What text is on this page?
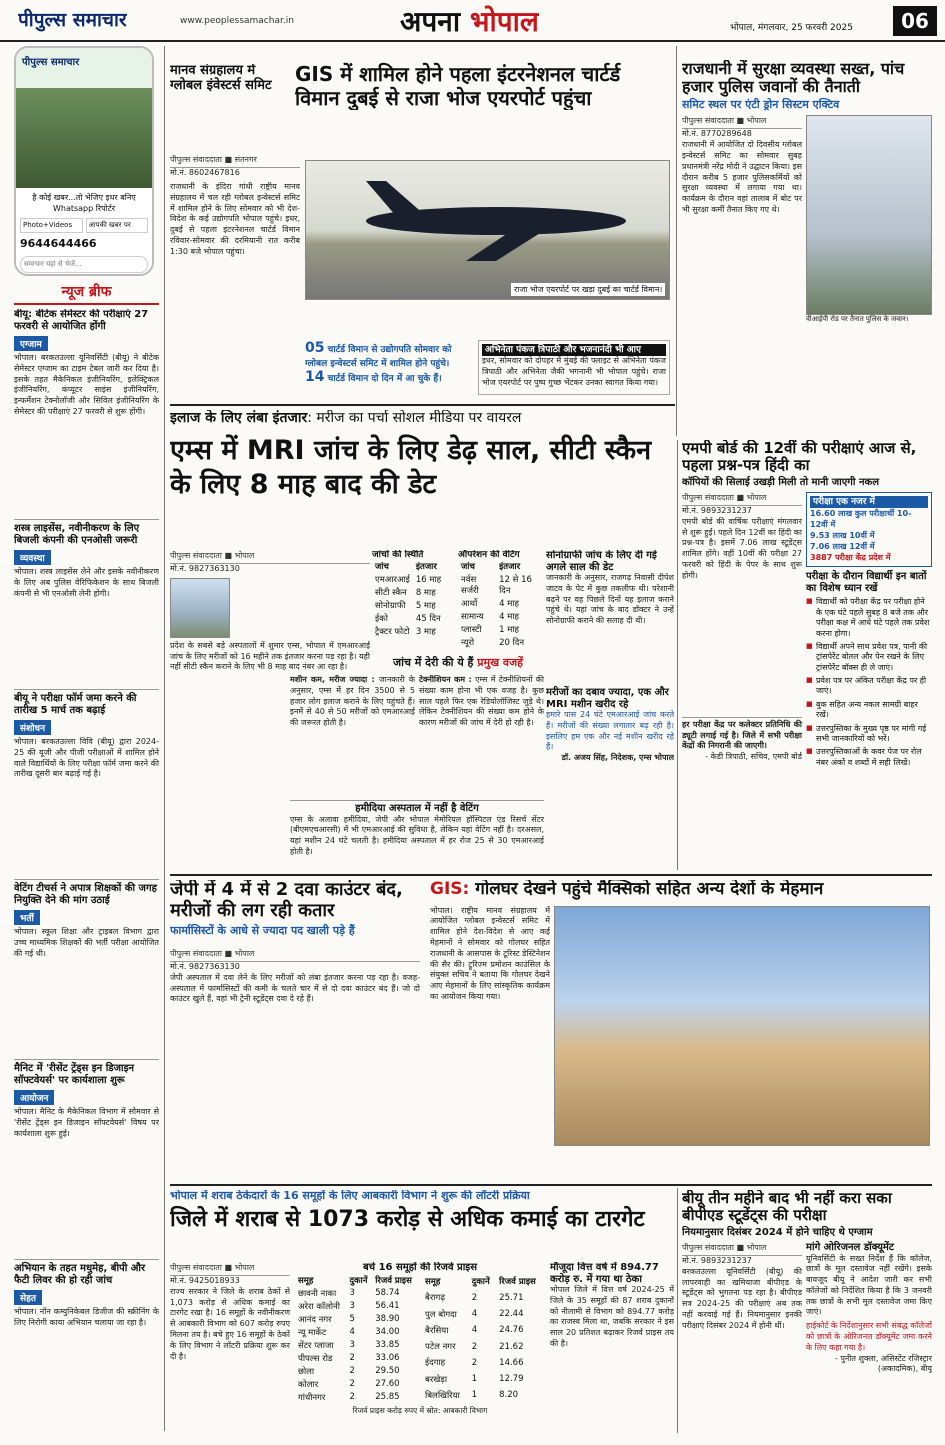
पीपुल्स समाचार	www.peoplessamachar.in	अपना भोपाल	भोपाल, मंगलवार, 25 फरवरी 2025	06
पीपुल्स समाचार
है कोई खबर...तो भेजिए इधर बनिए Whatsapp रिपोर्टर
Photo+Videos	आपकी खबर पर
9644644466
समाचार यहां से भेजें...
न्यूज ब्रीफ
बीयू: बीटेक सेमेस्टर की परीक्षाएं 27 फरवरी से आयोजित होंगी
एग्जाम
भोपाल। बरकतउल्ला यूनिवर्सिटी (बीयू) ने बीटेक सेमेस्टर एग्जाम का टाइम टेबल जारी कर दिया है। इसके तहत मैकेनिकल इंजीनियरिंग, इलेक्ट्रिकल इंजीनियरिंग, कंप्यूटर साइंस इंजीनियरिंग, इन्फर्मेशन टेक्नोलॉजी और सिविल इंजीनियरिंग के सेमेस्टर की परीक्षाएं 27 फरवरी से शुरू होंगी।
शस्त्र लाइसेंस, नवीनीकरण के लिए बिजली कंपनी की एनओसी जरूरी
व्यवस्था
भोपाल। शस्त्र लाइसेंस लेने और इसके नवीनीकरण के लिए अब पुलिस वेरिफिकेशन के साथ बिजली कंपनी से भी एनओसी लेनी होगी।
बीयू ने परीक्षा फॉर्म जमा करने की तारीख 5 मार्च तक बढ़ाई
संशोधन
भोपाल। बरकतउल्ला विवि (बीयू) द्वारा 2024-25 की यूजी और पीजी परीक्षाओं में शामिल होने वाले विद्यार्थियों के लिए परीक्षा फॉर्म जमा करने की तारीख दूसरी बार बढ़ाई गई है।
वेटिंग टीचर्स ने अपात्र शिक्षकों की जगह नियुक्ति देने की मांग उठाई
भर्ती
भोपाल। स्कूल शिक्षा और ट्राइबल विभाग द्वारा उच्च माध्यमिक शिक्षकों की भर्ती परीक्षा आयोजित की गई थी।
मैनिट में 'रीसेंट ट्रेंड्स इन डिजाइन सॉफ्टवेयर्स' पर कार्यशाला शुरू
आयोजन
भोपाल। मैनिट के मैकेनिकल विभाग में सोमवार से 'रीसेंट ट्रेंड्स इन डिजाइन सॉफ्टवेयर्स' विषय पर कार्यशाला शुरू हुई।
अभियान के तहत मधुमेह, बीपी और फैटी लिवर की हो रही जांच
सेहत
भोपाल। नॉन कम्युनिकेबल डिजीज की स्क्रीनिंग के लिए निरोगी काया अभियान चलाया जा रहा है।
मानव संग्रहालय में ग्लोबल इंवेस्टर्स समिट	GIS में शामिल होने पहला इंटरनेशनल चार्टर्ड विमान दुबई से राजा भोज एयरपोर्ट पहुंचा
पीपुल्स संवाददाता ■ संतनगर
मो.नं. 8602467816
राजधानी के इंदिरा गांधी राष्ट्रीय मानव संग्रहालय में चल रही ग्लोबल इन्वेस्टर्स समिट में शामिल होने के लिए सोमवार को भी देश-विदेश के कई उद्योगपति भोपाल पहुंचे। इधर, दुबई से पहला इंटरनेशनल चार्टर्ड विमान रविवार-सोमवार की दरमियानी रात करीब 1:30 बजे भोपाल पहुंचा।
राजा भोज एयरपोर्ट पर खड़ा दुबई का चार्टर्ड विमान।
05 चार्टर्ड विमान से उद्योगपति सोमवार को ग्लोबल इन्वेस्टर्स समिट में शामिल होने पहुंचे।
14 चार्टर्ड विमान दो दिन में आ चुके हैं।
अभिनेता पंकज त्रिपाठी और भजनानंदी भी आए
इधर, सोमवार को दोपहर में मुंबई की फ्लाइट से अभिनेता पंकज त्रिपाठी और अभिनेता जैकी भगनानी भी भोपाल पहुंचे। राजा भोज एयरपोर्ट पर पुष्प गुच्छ भेंटकर उनका स्वागत किया गया।
राजधानी में सुरक्षा व्यवस्था सख्त, पांच हजार पुलिस जवानों की तैनाती
समिट स्थल पर एंटी ड्रोन सिस्टम एक्टिव
पीपुल्स संवाददाता ■ भोपाल
मो.नं. 8770289648
राजधानी में आयोजित दो दिवसीय ग्लोबल इन्वेस्टर्स समिट का सोमवार सुबह प्रधानमंत्री नरेंद्र मोदी ने उद्घाटन किया। इस दौरान करीब 5 हजार पुलिसकर्मियों को सुरक्षा व्यवस्था में लगाया गया था। कार्यक्रम के दौरान वहां तालाब में बोट पर भी सुरक्षा कर्मी तैनात किए गए थे।
वीआईपी रोड पर तैनात पुलिस के जवान।
इलाज के लिए लंबा इंतजार: मरीज का पर्चा सोशल मीडिया पर वायरल
एम्स में MRI जांच के लिए डेढ़ साल, सीटी स्कैन के लिए 8 माह बाद की डेट
पीपुल्स संवाददाता ■ भोपाल
मो.नं. 9827363130
प्रदेश के सबसे बड़े अस्पतालों में शुमार एम्स, भोपाल में एमआरआई जांच के लिए मरीजों को 16 महीने तक इंतजार करना पड़ रहा है। यही नहीं सीटी स्कैन कराने के लिए भी 8 माह बाद नंबर आ रहा है।
जांचों की स्थिति
जांच	इंतजार
एमआरआई	16 माह
सीटी स्कैन	8 माह
सोनोग्राफी	5 माह
ईको	45 दिन
ट्रैक्टर फोटो	3 माह
ऑपरेशन की वेटिंग
जांच	इंतजार
नर्वस सर्जरी	12 से 16 दिन
आर्थो	4 माह
सामान्य	4 माह
प्लास्टी	1 माह
न्यूरो	20 दिन
सोनोग्राफी जांच के लिए दी गई अगले साल की डेट
जानकारी के अनुसार, राजगढ़ निवासी दीपेश जाटव के पेट में कुछ तकलीफ थी। परेशानी बढ़ने पर वह पिछले दिनों यह इलाज कराने पहुंचे थे। यहां जांच के बाद डॉक्टर ने उन्हें सोनोग्राफी कराने की सलाह दी थी।
मरीजों का दबाव ज्यादा, एक और MRI मशीन खरीद रहे
हमारे पास 24 घंटे एमआरआई जांच करते हैं। मरीजों की संख्या लगातार बढ़ रही है। इसलिए हम एक और नई मशीन खरीद रहे हैं।
डॉ. अजय सिंह, निदेशक, एम्स भोपाल
जांच में देरी की ये हैं प्रमुख वजहें
मशीन कम, मरीज ज्यादा : जानकारी के अनुसार, एम्स में हर दिन 3500 से 5 हजार लोग इलाज कराने के लिए पहुंचते हैं। इनमें से 40 से 50 मरीजों को एमआरआई की जरूरत होती है।
टेक्नीशियन कम : एम्स में टेक्नीशियनों की संख्या काम होना भी एक वजह है। कुछ साल पहले फिर एक रेडियोलॉजिस्ट जुड़े थे। लेकिन टेक्नीशियन की संख्या कम होने के कारण मरीजों की जांच में देरी हो रही है।
हमीदिया अस्पताल में नहीं है वेटिंग
एम्स के अलावा हमीदिया, जेपी और भोपाल मेमोरियल हॉस्पिटल एंड रिसर्च सेंटर (बीएमएचआरसी) में भी एमआरआई की सुविधा है, लेकिन यहां वेटिंग नहीं है। दरअसल, यहां मशीन 24 घंटे चलती है। हमीदिया अस्पताल में हर रोज 25 से 30 एमआरआई होती है।
एमपी बोर्ड की 12वीं की परीक्षाएं आज से, पहला प्रश्न-पत्र हिंदी का
कॉपियों की सिलाई उखड़ी मिली तो मानी जाएगी नकल
पीपुल्स संवाददाता ■ भोपाल
मो.नं. 9893231237
एमपी बोर्ड की वार्षिक परीक्षाएं मंगलवार से शुरू हुईं। पहले दिन 12वीं का हिंदी का प्रश्न-पत्र है। इसमें 7.06 लाख स्टूडेंट्स शामिल होंगे। वहीं 10वीं की परीक्षा 27 फरवरी को हिंदी के पेपर के साथ शुरू होगी।
हर परीक्षा केंद्र पर कलेक्टर प्रतिनिधि की ड्यूटी लगाई गई है। जिले में सभी परीक्षा केंद्रों की निगरानी की जाएगी।
- केडी त्रिपाठी, सचिव, एमपी बोर्ड
परीक्षा एक नजर में
16.60 लाख कुल परीक्षार्थी 10-12वीं में
9.53 लाख 10वीं में
7.06 लाख 12वीं में
3887 परीक्षा केंद्र प्रदेश में
परीक्षा के दौरान विद्यार्थी इन बातों का विशेष ध्यान रखें
■ विद्यार्थी को परीक्षा केंद्र पर परीक्षा होने के एक घंटे पहले सुबह 8 बजे तक और परीक्षा कक्ष में आधे घंटे पहले तक प्रवेश करना होगा।
■ विद्यार्थी अपने साथ प्रवेश पत्र, पानी की ट्रांसपेरेंट बोतल और पेन रखने के लिए ट्रांसपेरेंट बॉक्स ही ले जाएं।
■ प्रवेश पत्र पर अंकित परीक्षा केंद्र पर ही जाएं।
■ बुक सहित अन्य नकल सामग्री बाहर रखें।
■ उत्तरपुस्तिका के मुख्य पृष्ठ पर मांगी गई सभी जानकारियों को भरें।
■ उत्तरपुस्तिकाओं के कवर पेज पर रोल नंबर अंकों व शब्दों में सही लिखें।
जेपी में 4 में से 2 दवा काउंटर बंद, मरीजों की लग रही कतार
फार्मासिस्टों के आधे से ज्यादा पद खाली पड़े हैं
पीपुल्स संवाददाता ■ भोपाल
मो.नं. 9827363130
जेपी अस्पताल में दवा लेने के लिए मरीजों को लंबा इंतजार करना पड़ रहा है। वजह-अस्पताल में फार्मासिस्टों की कमी के चलते चार में से दो दवा काउंटर बंद हैं। जो दो काउंटर खुले हैं, वहां भी ट्रेनी स्टूडेंट्स दवा दे रहे हैं।
GIS: गोलघर देखने पहुंचे मैक्सिको सहित अन्य देशों के मेहमान
भोपाल। राष्ट्रीय मानव संग्रहालय में आयोजित ग्लोबल इन्वेस्टर्स समिट में शामिल होने देश-विदेश से आए कई मेहमानों ने सोमवार को गोलघर सहित राजधानी के आसपास के टूरिस्ट डेस्टिनेशन की सैर की। ट्रूरिज्म प्रमोशन काउंसिल के संयुक्त सचिव ने बताया कि गोलघर देखने आए मेहमानों के लिए सांस्कृतिक कार्यक्रम का आयोजन किया गया।
भोपाल में शराब ठेकेदारों के 16 समूहों के लिए आबकारी विभाग ने शुरू की लॉटरी प्रक्रिया
जिले में शराब से 1073 करोड़ से अधिक कमाई का टारगेट
पीपुल्स संवाददाता ■ भोपाल
मो.नं. 9425018933
राज्य सरकार ने जिले के शराब ठेकों से 1,073 करोड़ से अधिक कमाई का टारगेट रखा है। 16 समूहों के नवीनीकरण से आबकारी विभाग को 607 करोड़ रुपए मिलना तय है। बचे हुए 16 समूहों के ठेकों के लिए विभाग ने लॉटरी प्रक्रिया शुरू कर दी है।
बचे 16 समूहों की रिजर्व प्राइस
समूह	दुकानें	रिजर्व प्राइस
छावनी नाका	3	58.74
अरेरा कॉलोनी	3	56.41
आनंद नगर	5	38.90
न्यू मार्केट	4	34.00
सेंटर प्लाजा	3	33.85
पीपल्स रोड	2	33.06
छोला	2	29.50
कोलार	2	27.60
गांधीनगर	2	25.85
समूह	दुकानें	रिजर्व प्राइस
बैरागढ़	2	25.71
पुल बोगदा	4	22.44
बैरसिया	4	24.76
पटेल नगर	2	21.62
ईदगाह	2	14.66
बरखेड़ा	1	12.79
बिलखिरिया	1	8.20
रिजर्व प्राइस करोड़ रुपए में स्रोत: आबकारी विभाग
मौजूदा वित्त वर्ष में 894.77 करोड़ रु. में गया था ठेका
भोपाल जिले में वित्त वर्ष 2024-25 में जिले के 35 समूहों की 87 शराब दुकानों को नीलामी से विभाग को 894.77 करोड़ का राजस्व मिला था, जबकि सरकार ने इस साल 20 प्रतिशत बढ़ाकर रिजर्व प्राइस तय की है।
बीयू तीन महीने बाद भी नहीं करा सका बीपीएड स्टूडेंट्स की परीक्षा
नियमानुसार दिसंबर 2024 में होने चाहिए थे एग्जाम
पीपुल्स संवाददाता ■ भोपाल
मो.नं. 9893231237
बरकतउल्ला यूनिवर्सिटी (बीयू) की लापरवाही का खमियाजा बीपीएड के स्टूडेंट्स को भुगतना पड़ रहा है। बीपीएड सत्र 2024-25 की परीक्षाएं अब तक नहीं करवाई गई हैं। नियमानुसार इनकी परीक्षाएं दिसंबर 2024 में होनी थीं।
मांगे ओरिजनल डॉक्यूमेंट
यूनिवर्सिटी के सख्त निर्देश हैं कि कॉलेज, छात्रों के मूल दस्तावेज नहीं रखेंगे। इसके बावजूद बीयू ने आदेश जारी कर सभी कॉलेजों को निर्देशित किया है कि 3 जनवरी तक छात्रों के सभी मूल दस्तावेज जमा किए जाएं।
हाईकोर्ट के निर्देशानुसार सभी संबद्ध कॉलेजों को छात्रों के ओरिजनल डॉक्यूमेंट जमा करने के लिए कहा गया है।
- पुनीत शुक्ला, असिस्टेंट रजिस्ट्रार (अकादमिक), बीयू
